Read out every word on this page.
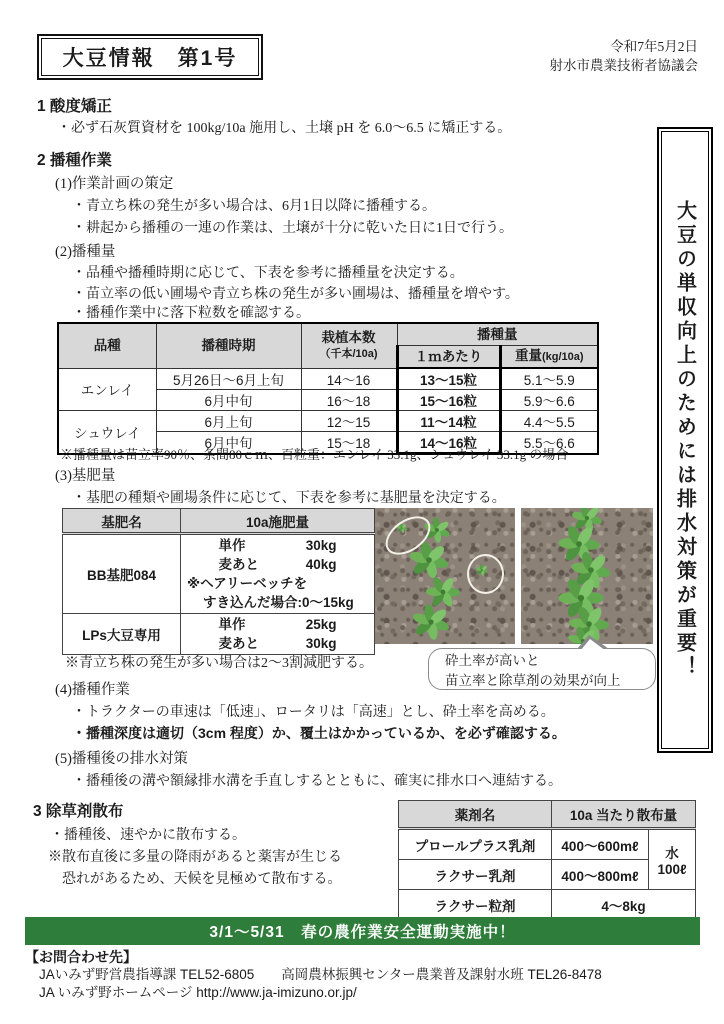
大豆情報　第1号
令和7年5月2日
射水市農業技術者協議会
大豆の単収向上のためには排水対策が重要！
1 酸度矯正
・必ず石灰質資材を 100kg/10a 施用し、土壌 pH を 6.0～6.5 に矯正する。
2 播種作業
(1)作業計画の策定
・青立ち株の発生が多い場合は、6月1日以降に播種する。
・耕起から播種の一連の作業は、土壌が十分に乾いた日に1日で行う。
(2)播種量
・品種や播種時期に応じて、下表を参考に播種量を決定する。
・苗立率の低い圃場や青立ち株の発生が多い圃場は、播種量を増やす。
・播種作業中に落下粒数を確認する。
品種	播種時期	栽植本数
（千本/10a)	播種量	
			１ｍあたり	重量(kg/10a)
エンレイ	5月26日～6月上旬	14～16	13～15粒	5.1～5.9
	6月中旬	16～18	15～16粒	5.9～6.6
シュウレイ	6月上旬	12～15	11～14粒	4.4～5.5
	6月中旬	15～18	14～16粒	5.5～6.6
※播種量は苗立率90％、条間80ｃｍ、百粒重：エンレイ 33.1g、シュウレイ 33.1g の場合
(3)基肥量
・基肥の種類や圃場条件に応じて、下表を参考に基肥量を決定する。
基肥名	10a施肥量
BB基肥084	
単作	30kg
麦あと	40kg
※ヘアリーベッチを
すき込んだ場合:0～15kg

LPs大豆専用	単作 25kg
麦あと 30kg
※青立ち株の発生が多い場合は2～3割減肥する。	砕土率が高いと
苗立率と除草剤の効果が向上
(4)播種作業
・トラクターの車速は「低速」、ロータリは「高速」とし、砕土率を高める。
・播種深度は適切（3cm 程度）か、覆土はかかっているか、を必ず確認する。
(5)播種後の排水対策
・播種後の溝や額縁排水溝を手直しするとともに、確実に排水口へ連結する。
3 除草剤散布
・播種後、速やかに散布する。
※散布直後に多量の降雨があると薬害が生じる
恐れがあるため、天候を見極めて散布する。
薬剤名	10a 当たり散布量	
プロールプラス乳剤	400～600mℓ	水
100ℓ
ラクサー乳剤	400～800mℓ	
ラクサー粒剤	4～8kg	
3/1～5/31　春の農作業安全運動実施中！
【お問合わせ先】
JAいみず野営農指導課 TEL52-6805　　高岡農林振興センター農業普及課射水班 TEL26-8478
JA いみず野ホームページ http://www.ja-imizuno.or.jp/
